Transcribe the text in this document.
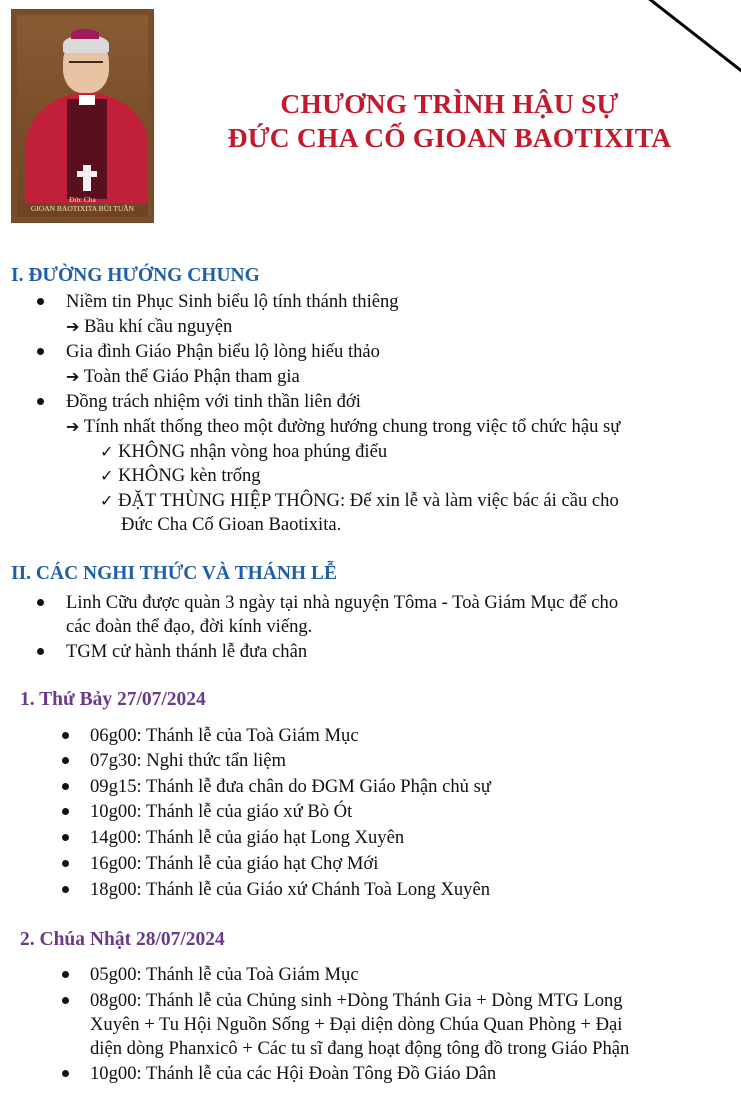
Đức Cha
GIOAN BAOTIXITA BÙI TUẦN
CHƯƠNG TRÌNH HẬU SỰ
ĐỨC CHA CỐ GIOAN BAOTIXITA
I. ĐƯỜNG HƯỚNG CHUNG
Niềm tin Phục Sinh biểu lộ tính thánh thiêng
➔ Bầu khí cầu nguyện
Gia đình Giáo Phận biểu lộ lòng hiếu thảo
➔ Toàn thể Giáo Phận tham gia
Đồng trách nhiệm với tinh thần liên đới
➔ Tính nhất thống theo một đường hướng chung trong việc tổ chức hậu sự
✓ KHÔNG nhận vòng hoa phúng điếu
✓ KHÔNG kèn trống
✓ ĐẶT THÙNG HIỆP THÔNG: Để xin lễ và làm việc bác ái cầu cho
Đức Cha Cố Gioan Baotixita.
II. CÁC NGHI THỨC VÀ THÁNH LỄ
Linh Cữu được quàn 3 ngày tại nhà nguyện Tôma - Toà Giám Mục để cho
các đoàn thể đạo, đời kính viếng.
TGM cử hành thánh lễ đưa chân
1. Thứ Bảy 27/07/2024
06g00: Thánh lễ của Toà Giám Mục
07g30: Nghi thức tẩn liệm
09g15: Thánh lễ đưa chân do ĐGM Giáo Phận chủ sự
10g00: Thánh lễ của giáo xứ Bò Ót
14g00: Thánh lễ của giáo hạt Long Xuyên
16g00: Thánh lễ của giáo hạt Chợ Mới
18g00: Thánh lễ của Giáo xứ Chánh Toà Long Xuyên
2. Chúa Nhật 28/07/2024
05g00: Thánh lễ của Toà Giám Mục
08g00: Thánh lễ của Chủng sinh +Dòng Thánh Gia + Dòng MTG Long
Xuyên + Tu Hội Nguồn Sống + Đại diện dòng Chúa Quan Phòng + Đại
diện dòng Phanxicô + Các tu sĩ đang hoạt động tông đồ trong Giáo Phận
10g00: Thánh lễ của các Hội Đoàn Tông Đồ Giáo Dân
